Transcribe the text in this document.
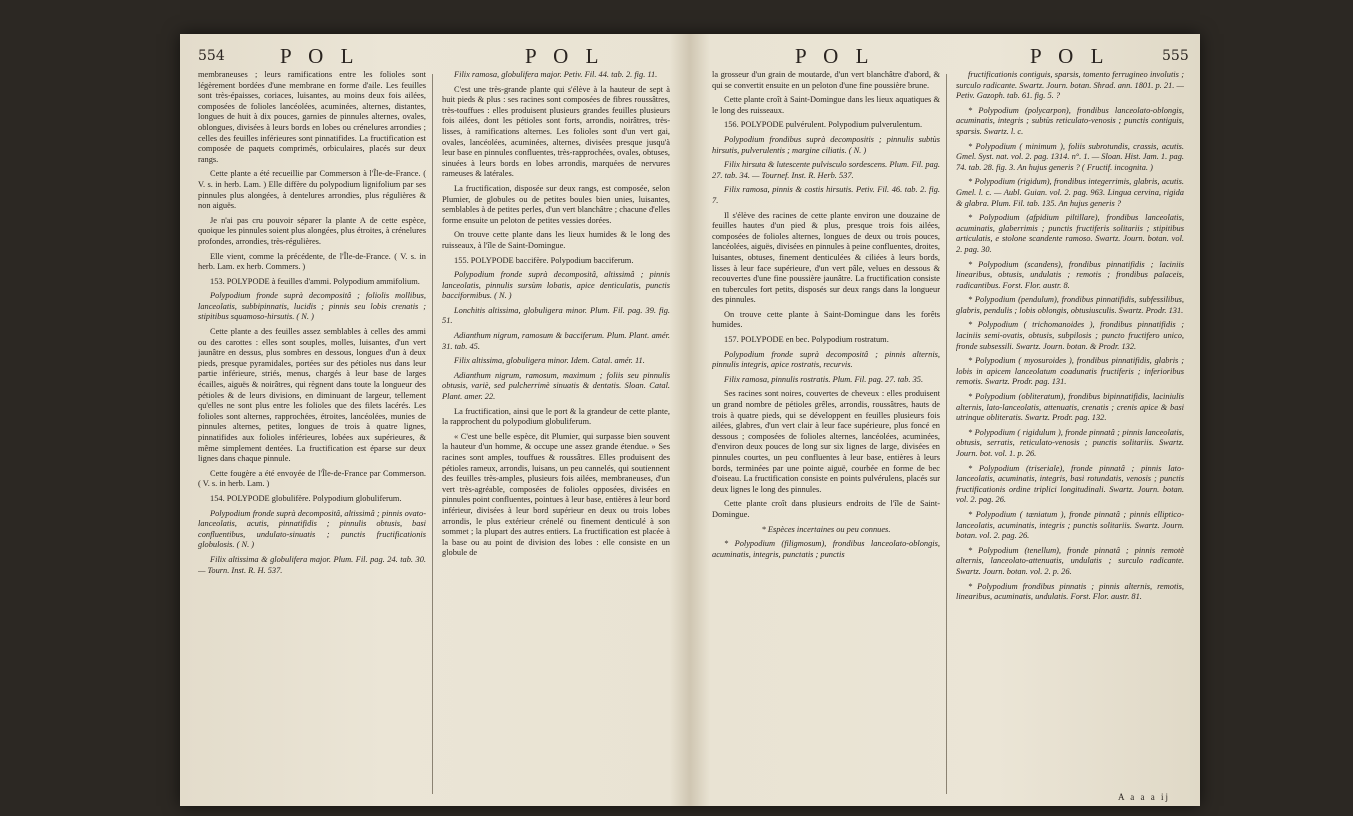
554	P O L	P O L

membraneuses ; leurs ramifications entre les folioles sont légèrement bordées d'une membrane en forme d'aile. Les feuilles sont très-épaisses, coriaces, luisantes, au moins deux fois ailées, composées de folioles lancéolées, acuminées, alternes, distantes, longues de huit à dix pouces, garnies de pinnules alternes, ovales, oblongues, divisées à leurs bords en lobes ou crénelures arrondies ; celles des feuilles inférieures sont pinnatifides. La fructification est composée de paquets comprimés, orbiculaires, placés sur deux rangs.

Cette plante a été recueillie par Commerson à l'Île-de-France. ( V. s. in herb. Lam. ) Elle diffère du polypodium lignifolium par ses pinnules plus alongées, à dentelures arrondies, plus régulières & non aiguës.

Je n'ai pas cru pouvoir séparer la plante A de cette espèce, quoique les pinnules soient plus alongées, plus étroites, à crénelures profondes, arrondies, très-régulières.

Elle vient, comme la précédente, de l'Île-de-France. ( V. s. in herb. Lam. ex herb. Commers. )

153. POLYPODE à feuilles d'ammi. Polypodium ammifolium.

Polypodium fronde suprà decompositâ ; foliolis mollibus, lanceolatis, subbipinnatis, lucidis ; pinnis seu lobis crenatis ; stipitibus squamoso-hirsutis. ( N. )

Cette plante a des feuilles assez semblables à celles des ammi ou des carottes : elles sont souples, molles, luisantes, d'un vert jaunâtre en dessus, plus sombres en dessous, longues d'un à deux pieds, presque pyramidales, portées sur des pétioles nus dans leur partie inférieure, striés, menus, chargés à leur base de larges écailles, aiguës & noirâtres, qui règnent dans toute la longueur des pétioles & de leurs divisions, en diminuant de largeur, tellement qu'elles ne sont plus entre les folioles que des filets lacérés. Les folioles sont alternes, rapprochées, étroites, lancéolées, munies de pinnules alternes, petites, longues de trois à quatre lignes, pinnatifides aux folioles inférieures, lobées aux supérieures, & même simplement dentées. La fructification est éparse sur deux lignes dans chaque pinnule.

Cette fougère a été envoyée de l'Île-de-France par Commerson. ( V. s. in herb. Lam. )

154. POLYPODE globulifère. Polypodium globuliferum.

Polypodium fronde suprà decompositâ, altissimâ ; pinnis ovato-lanceolatis, acutis, pinnatifidis ; pinnulis obtusis, basi confluentibus, undulato-sinuatis ; punctis fructificationis globulosis. ( N. )

Filix altissima & globulifera major. Plum. Fil. pag. 24. tab. 30. — Tourn. Inst. R. H. 537.

Filix ramosa, globulifera major. Petiv. Fil. 44. tab. 2. fig. 11.

C'est une très-grande plante qui s'élève à la hauteur de sept à huit pieds & plus : ses racines sont composées de fibres roussâtres, très-touffues : elles produisent plusieurs grandes feuilles plusieurs fois ailées, dont les pétioles sont forts, arrondis, noirâtres, très-lisses, à ramifications alternes. Les folioles sont d'un vert gai, ovales, lancéolées, acuminées, alternes, divisées presque jusqu'à leur base en pinnules confluentes, très-rapprochées, ovales, obtuses, sinuées à leurs bords en lobes arrondis, marquées de nervures rameuses & latérales.

La fructification, disposée sur deux rangs, est composée, selon Plumier, de globules ou de petites boules bien unies, luisantes, semblables à de petites perles, d'un vert blanchâtre ; chacune d'elles forme ensuite un peloton de petites vessies dorées.

On trouve cette plante dans les lieux humides & le long des ruisseaux, à l'île de Saint-Domingue.

155. POLYPODE baccifère. Polypodium bacciferum.

Polypodium fronde suprà decompositâ, altissimâ ; pinnis lanceolatis, pinnulis sursùm lobatis, apice denticulatis, punctis bacciformibus. ( N. )

Lonchitis altissima, globuligera minor. Plum. Fil. pag. 39. fig. 51.

Adianthum nigrum, ramosum & bacciferum. Plum. Plant. amér. 31. tab. 45.

Filix altissima, globuligera minor. Idem. Catal. amér. 11.

Adianthum nigrum, ramosum, maximum ; foliis seu pinnulis obtusis, variè, sed pulcherrimè sinuatis & dentatis. Sloan. Catal. Plant. amer. 22.

La fructification, ainsi que le port & la grandeur de cette plante, la rapprochent du polypodium globuliferum.

« C'est une belle espèce, dit Plumier, qui surpasse bien souvent la hauteur d'un homme, & occupe une assez grande étendue. » Ses racines sont amples, touffues & roussâtres. Elles produisent des pétioles rameux, arrondis, luisans, un peu cannelés, qui soutiennent des feuilles très-amples, plusieurs fois ailées, membraneuses, d'un vert très-agréable, composées de folioles opposées, divisées en pinnules point confluentes, pointues à leur base, entières à leur bord inférieur, divisées à leur bord supérieur en deux ou trois lobes arrondis, le plus extérieur crénelé ou finement denticulé à son sommet ; la plupart des autres entiers. La fructification est placée à la base ou au point de division des lobes : elle consiste en un globule de

P O L	P O L	555

la grosseur d'un grain de moutarde, d'un vert blanchâtre d'abord, & qui se convertit ensuite en un peloton d'une fine poussière brune.

Cette plante croît à Saint-Domingue dans les lieux aquatiques & le long des ruisseaux.

156. POLYPODE pulvérulent. Polypodium pulverulentum.

Polypodium frondibus suprà decompositis ; pinnulis subtùs hirsutis, pulverulentis ; margine ciliatis. ( N. )

Filix hirsuta & lutescente pulvisculo sordescens. Plum. Fil. pag. 27. tab. 34. — Tournef. Inst. R. Herb. 537.

Filix ramosa, pinnis & costis hirsutis. Petiv. Fil. 46. tab. 2. fig. 7.

Il s'élève des racines de cette plante environ une douzaine de feuilles hautes d'un pied & plus, presque trois fois ailées, composées de folioles alternes, longues de deux ou trois pouces, lancéolées, aiguës, divisées en pinnules à peine confluentes, droites, luisantes, obtuses, finement denticulées & ciliées à leurs bords, lisses à leur face supérieure, d'un vert pâle, velues en dessous & recouvertes d'une fine poussière jaunâtre. La fructification consiste en tubercules fort petits, disposés sur deux rangs dans la longueur des pinnules.

On trouve cette plante à Saint-Domingue dans les forêts humides.

157. POLYPODE en bec. Polypodium rostratum.

Polypodium fronde suprà decompositâ ; pinnis alternis, pinnulis integris, apice rostratis, recurvis.

Filix ramosa, pinnulis rostratis. Plum. Fil. pag. 27. tab. 35.

Ses racines sont noires, couvertes de cheveux : elles produisent un grand nombre de pétioles grêles, arrondis, roussâtres, hauts de trois à quatre pieds, qui se développent en feuilles plusieurs fois ailées, glabres, d'un vert clair à leur face supérieure, plus foncé en dessous ; composées de folioles alternes, lancéolées, acuminées, d'environ deux pouces de long sur six lignes de large, divisées en pinnules courtes, un peu confluentes à leur base, entières à leurs bords, terminées par une pointe aiguë, courbée en forme de bec d'oiseau. La fructification consiste en points pulvérulens, placés sur deux lignes le long des pinnules.

Cette plante croît dans plusieurs endroits de l'île de Saint-Domingue.

* Espèces incertaines ou peu connues.

* Polypodium (filigmosum), frondibus lanceolato-oblongis, acuminatis, integris, punctatis ; punctis

fructificationis contiguis, sparsis, tomento ferrugineo involutis ; surculo radicante. Swartz. Journ. botan. Shrad. ann. 1801. p. 21. — Petiv. Gazoph. tab. 61. fig. 5. ?

* Polypodium (polycarpon), frondibus lanceolato-oblongis, acuminatis, integris ; subtùs reticulato-venosis ; punctis contiguis, sparsis. Swartz. l. c.

* Polypodium ( minimum ), foliis subrotundis, crassis, acutis. Gmel. Syst. nat. vol. 2. pag. 1314. n°. 1. — Sloan. Hist. Jam. 1. pag. 74. tab. 28. fig. 3. An hujus generis ? ( Fructif. incognita. )

* Polypodium (rigidum), frondibus integerrimis, glabris, acutis. Gmel. l. c. — Aubl. Guian. vol. 2. pag. 963. Lingua cervina, rigida & glabra. Plum. Fil. tab. 135. An hujus generis ?

* Polypodium (afpidium piltillare), frondibus lanceolatis, acuminatis, glaberrimis ; punctis fructiferis solitariis ; stipitibus articulatis, e stolone scandente ramoso. Swartz. Journ. botan. vol. 2. pag. 30.

* Polypodium (scandens), frondibus pinnatifidis ; laciniis linearibus, obtusis, undulatis ; remotis ; frondibus palaceis, radicantibus. Forst. Flor. austr. 8.

* Polypodium (pendulum), frondibus pinnatifidis, subfessilibus, glabris, pendulis ; lobis oblongis, obtusiusculis. Swartz. Prodr. 131.

* Polypodium ( trichomanoides ), frondibus pinnatifidis ; laciniis semi-ovatis, obtusis, subpilosis ; puncto fructifero unico, fronde subsessili. Swartz. Journ. botan. & Prodr. 132.

* Polypodium ( myosuroides ), frondibus pinnatifidis, glabris ; lobis in apicem lanceolatum coadunatis fructiferis ; inferioribus remotis. Swartz. Prodr. pag. 131.

* Polypodium (obliteratum), frondibus bipinnatifidis, laciniulis alternis, lato-lanceolatis, attenuatis, crenatis ; crenis apice & basi utrinque obliteratis. Swartz. Prodr. pag. 132.

* Polypodium ( rigidulum ), fronde pinnatâ ; pinnis lanceolatis, obtusis, serratis, reticulato-venosis ; punctis solitariis. Swartz. Journ. bot. vol. 1. p. 26.

* Polypodium (triseriale), fronde pinnatâ ; pinnis lato-lanceolatis, acuminatis, integris, basi rotundatis, venosis ; punctis fructificationis ordine triplici longitudinali. Swartz. Journ. botan. vol. 2. pag. 26.

* Polypodium ( tæniatum ), fronde pinnatâ ; pinnis elliptico-lanceolatis, acuminatis, integris ; punctis solitariis. Swartz. Journ. botan. vol. 2. pag. 26.

* Polypodium (tenellum), fronde pinnatâ ; pinnis remotè alternis, lanceolato-attenuatis, undulatis ; surculo radicante. Swartz. Journ. botan. vol. 2. p. 26.

* Polypodium frondibus pinnatis ; pinnis alternis, remotis, linearibus, acuminatis, undulatis. Forst. Flor. austr. 81.

A a a a ij
